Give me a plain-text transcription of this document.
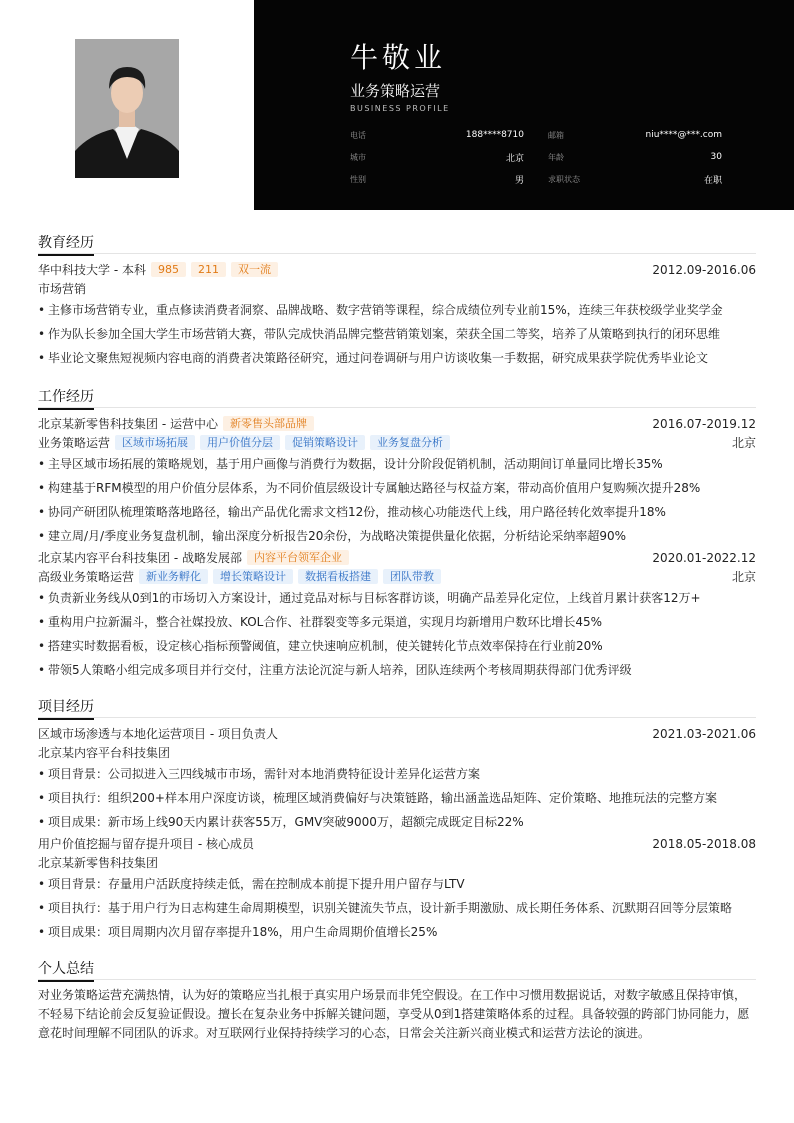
牛敬业
业务策略运营
BUSINESS PROFILE
电话	188****8710	邮箱	niu****@***.com
城市	北京	年龄	30
性别	男	求职状态	在职
教育经历
华中科技大学 - 本科	985	211	双一流	2012.09-2016.06
市场营销
• 主修市场营销专业，重点修读消费者洞察、品牌战略、数字营销等课程，综合成绩位列专业前15%，连续三年获校级学业奖学金
• 作为队长参加全国大学生市场营销大赛，带队完成快消品牌完整营销策划案，荣获全国二等奖，培养了从策略到执行的闭环思维
• 毕业论文聚焦短视频内容电商的消费者决策路径研究，通过问卷调研与用户访谈收集一手数据，研究成果获学院优秀毕业论文
工作经历
北京某新零售科技集团 - 运营中心	新零售头部品牌	2016.07-2019.12
业务策略运营	区域市场拓展	用户价值分层	促销策略设计	业务复盘分析	北京
• 主导区域市场拓展的策略规划，基于用户画像与消费行为数据，设计分阶段促销机制，活动期间订单量同比增长35%
• 构建基于RFM模型的用户价值分层体系，为不同价值层级设计专属触达路径与权益方案，带动高价值用户复购频次提升28%
• 协同产研团队梳理策略落地路径，输出产品优化需求文档12份，推动核心功能迭代上线，用户路径转化效率提升18%
• 建立周/月/季度业务复盘机制，输出深度分析报告20余份，为战略决策提供量化依据，分析结论采纳率超90%
北京某内容平台科技集团 - 战略发展部	内容平台领军企业	2020.01-2022.12
高级业务策略运营	新业务孵化	增长策略设计	数据看板搭建	团队带教	北京
• 负责新业务线从0到1的市场切入方案设计，通过竞品对标与目标客群访谈，明确产品差异化定位，上线首月累计获客12万+
• 重构用户拉新漏斗，整合社媒投放、KOL合作、社群裂变等多元渠道，实现月均新增用户数环比增长45%
• 搭建实时数据看板，设定核心指标预警阈值，建立快速响应机制，使关键转化节点效率保持在行业前20%
• 带领5人策略小组完成多项目并行交付，注重方法论沉淀与新人培养，团队连续两个考核周期获得部门优秀评级
项目经历
区域市场渗透与本地化运营项目 - 项目负责人	2021.03-2021.06
北京某内容平台科技集团
• 项目背景：公司拟进入三四线城市市场，需针对本地消费特征设计差异化运营方案
• 项目执行：组织200+样本用户深度访谈，梳理区域消费偏好与决策链路，输出涵盖选品矩阵、定价策略、地推玩法的完整方案
• 项目成果：新市场上线90天内累计获客55万，GMV突破9000万，超额完成既定目标22%
用户价值挖掘与留存提升项目 - 核心成员	2018.05-2018.08
北京某新零售科技集团
• 项目背景：存量用户活跃度持续走低，需在控制成本前提下提升用户留存与LTV
• 项目执行：基于用户行为日志构建生命周期模型，识别关键流失节点，设计新手期激励、成长期任务体系、沉默期召回等分层策略
• 项目成果：项目周期内次月留存率提升18%，用户生命周期价值增长25%
个人总结
对业务策略运营充满热情，认为好的策略应当扎根于真实用户场景而非凭空假设。在工作中习惯用数据说话，对数字敏感且保持审慎，不轻易下结论前会反复验证假设。擅长在复杂业务中拆解关键问题，享受从0到1搭建策略体系的过程。具备较强的跨部门协同能力，愿意花时间理解不同团队的诉求。对互联网行业保持持续学习的心态，日常会关注新兴商业模式和运营方法论的演进。
